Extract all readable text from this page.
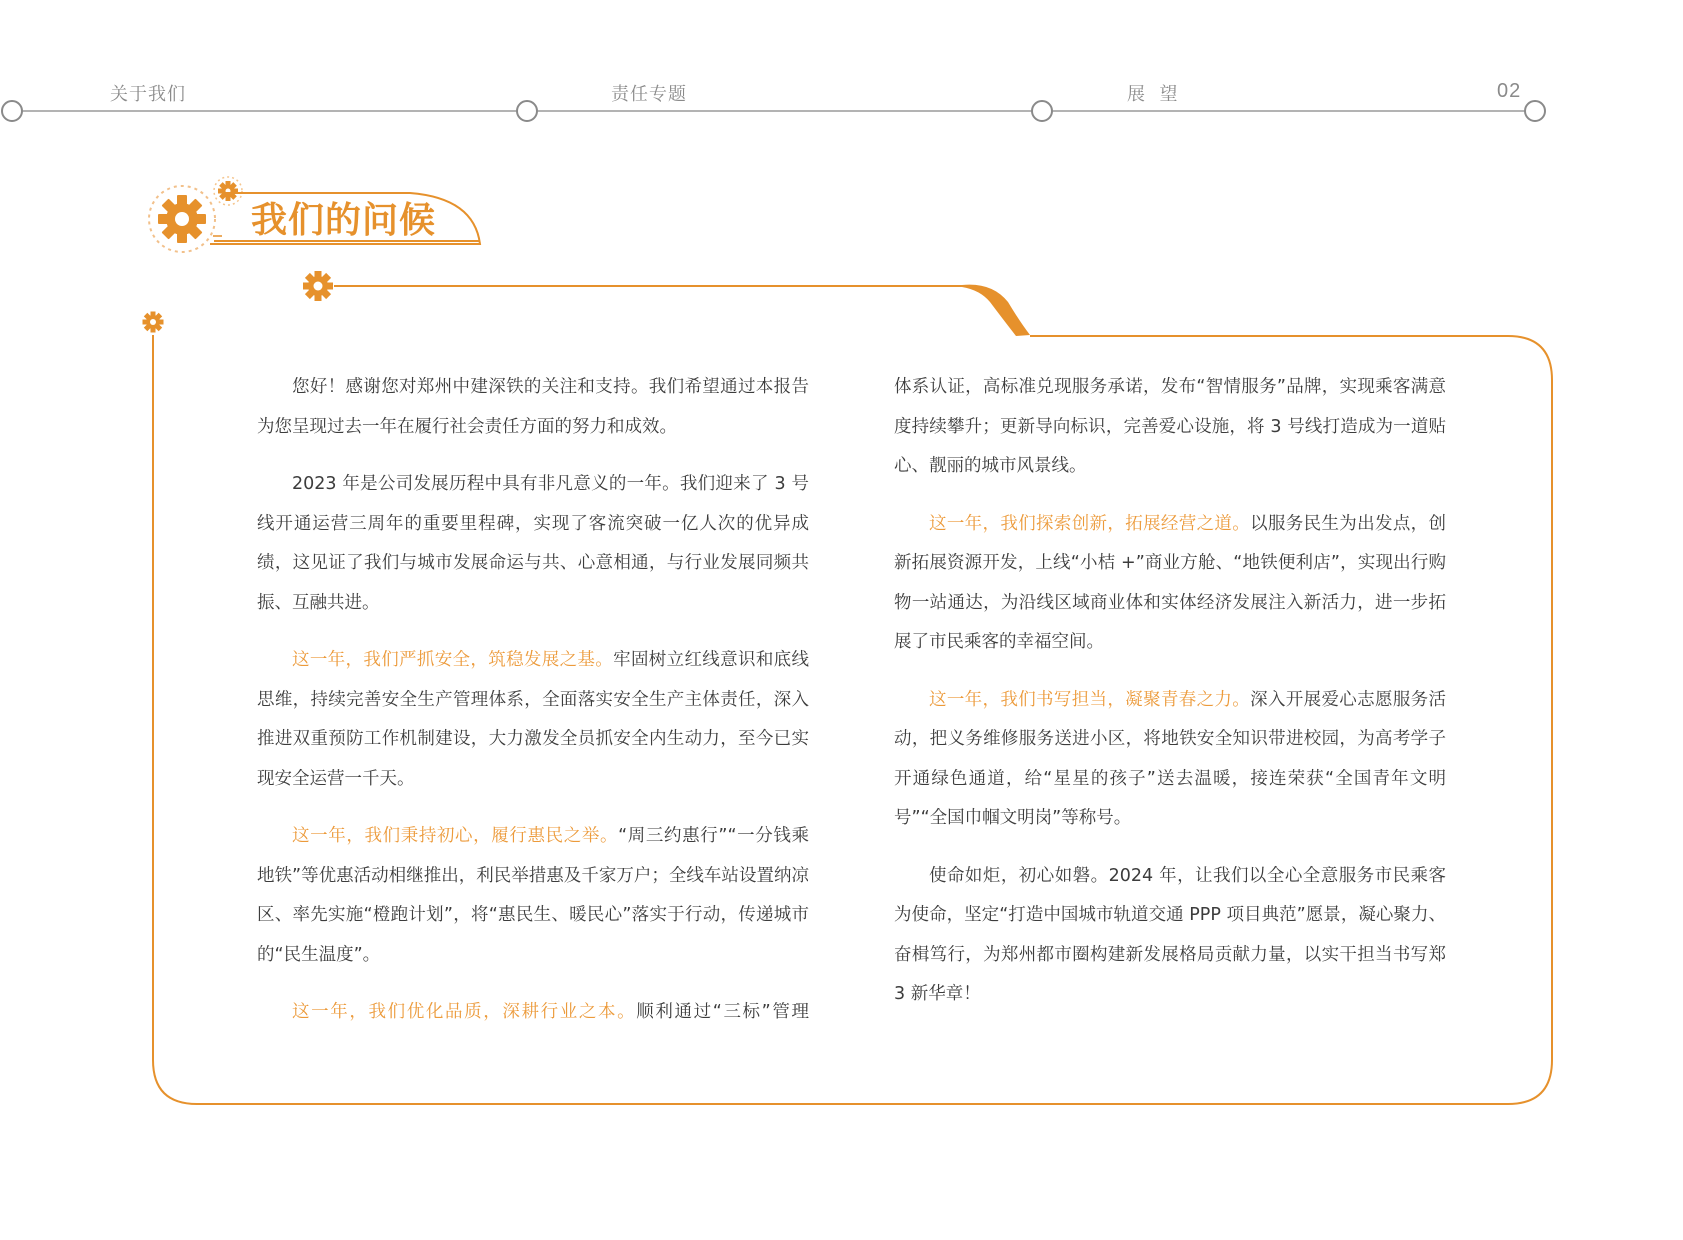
关于我们	责任专题	展  望	02
我们的问候

您好！感谢您对郑州中建深铁的关注和支持。我们希望通过本报告为您呈现过去一年在履行社会责任方面的努力和成效。

2023 年是公司发展历程中具有非凡意义的一年。我们迎来了 3 号线开通运营三周年的重要里程碑，实现了客流突破一亿人次的优异成绩，这见证了我们与城市发展命运与共、心意相通，与行业发展同频共振、互融共进。

这一年，我们严抓安全，筑稳发展之基。牢固树立红线意识和底线思维，持续完善安全生产管理体系，全面落实安全生产主体责任，深入推进双重预防工作机制建设，大力激发全员抓安全内生动力，至今已实现安全运营一千天。

这一年，我们秉持初心，履行惠民之举。“周三约惠行”“一分钱乘地铁”等优惠活动相继推出，利民举措惠及千家万户；全线车站设置纳凉区、率先实施“橙跑计划”，将“惠民生、暖民心”落实于行动，传递城市的“民生温度”。

这一年，我们优化品质，深耕行业之本。顺利通过“三标”管理

体系认证，高标准兑现服务承诺，发布“智情服务”品牌，实现乘客满意度持续攀升；更新导向标识，完善爱心设施，将 3 号线打造成为一道贴心、靓丽的城市风景线。

这一年，我们探索创新，拓展经营之道。以服务民生为出发点，创新拓展资源开发，上线“小桔 +”商业方舱、“地铁便利店”，实现出行购物一站通达，为沿线区域商业体和实体经济发展注入新活力，进一步拓展了市民乘客的幸福空间。

这一年，我们书写担当，凝聚青春之力。深入开展爱心志愿服务活动，把义务维修服务送进小区，将地铁安全知识带进校园，为高考学子开通绿色通道，给“星星的孩子”送去温暖，接连荣获“全国青年文明号”“全国巾帼文明岗”等称号。

使命如炬，初心如磐。2024 年，让我们以全心全意服务市民乘客为使命，坚定“打造中国城市轨道交通 PPP 项目典范”愿景，凝心聚力、奋楫笃行，为郑州都市圈构建新发展格局贡献力量，以实干担当书写郑 3 新华章！
